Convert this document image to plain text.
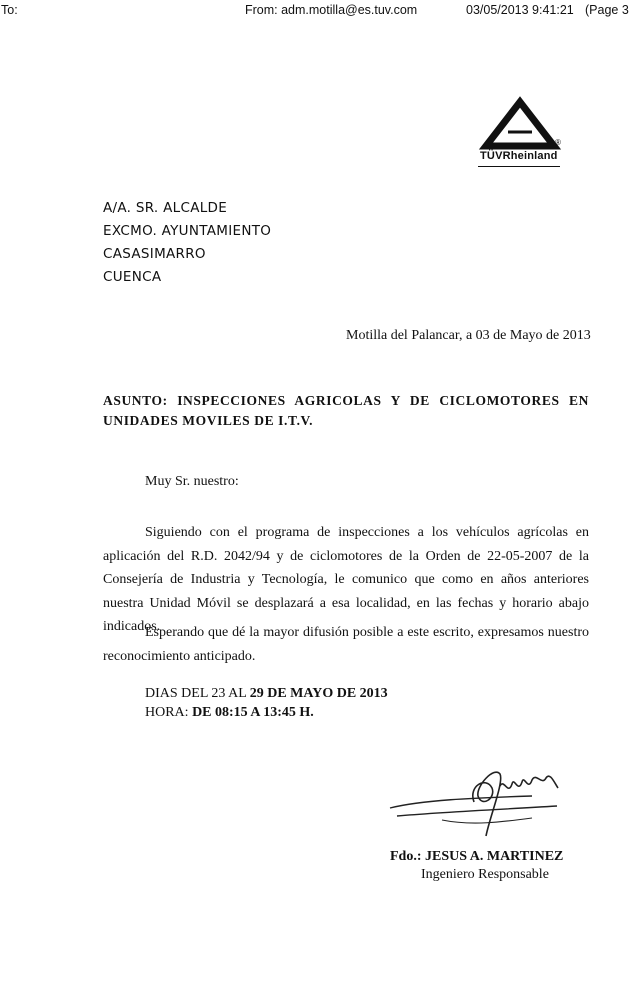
To:	From: adm.motilla@es.tuv.com	03/05/2013 9:41:21 (Page 3
®
TÜVRheinland
A/A. SR. ALCALDE
EXCMO. AYUNTAMIENTO
CASASIMARRO
CUENCA
Motilla del Palancar, a 03 de Mayo de 2013
ASUNTO: INSPECCIONES AGRICOLAS Y DE CICLOMOTORES EN UNIDADES MOVILES DE I.T.V.
Muy Sr. nuestro:
Siguiendo con el programa de inspecciones a los vehículos agrícolas en aplicación del R.D. 2042/94 y de ciclomotores de la Orden de 22-05-2007 de la Consejería de Industria y Tecnología, le comunico que como en años anteriores nuestra Unidad Móvil se desplazará a esa localidad, en las fechas y horario abajo indicados.
Esperando que dé la mayor difusión posible a este escrito, expresamos nuestro reconocimiento anticipado.
DIAS DEL 23 AL 29 DE MAYO DE 2013
HORA: DE 08:15 A 13:45 H.
Fdo.: JESUS A. MARTINEZ
Ingeniero Responsable
